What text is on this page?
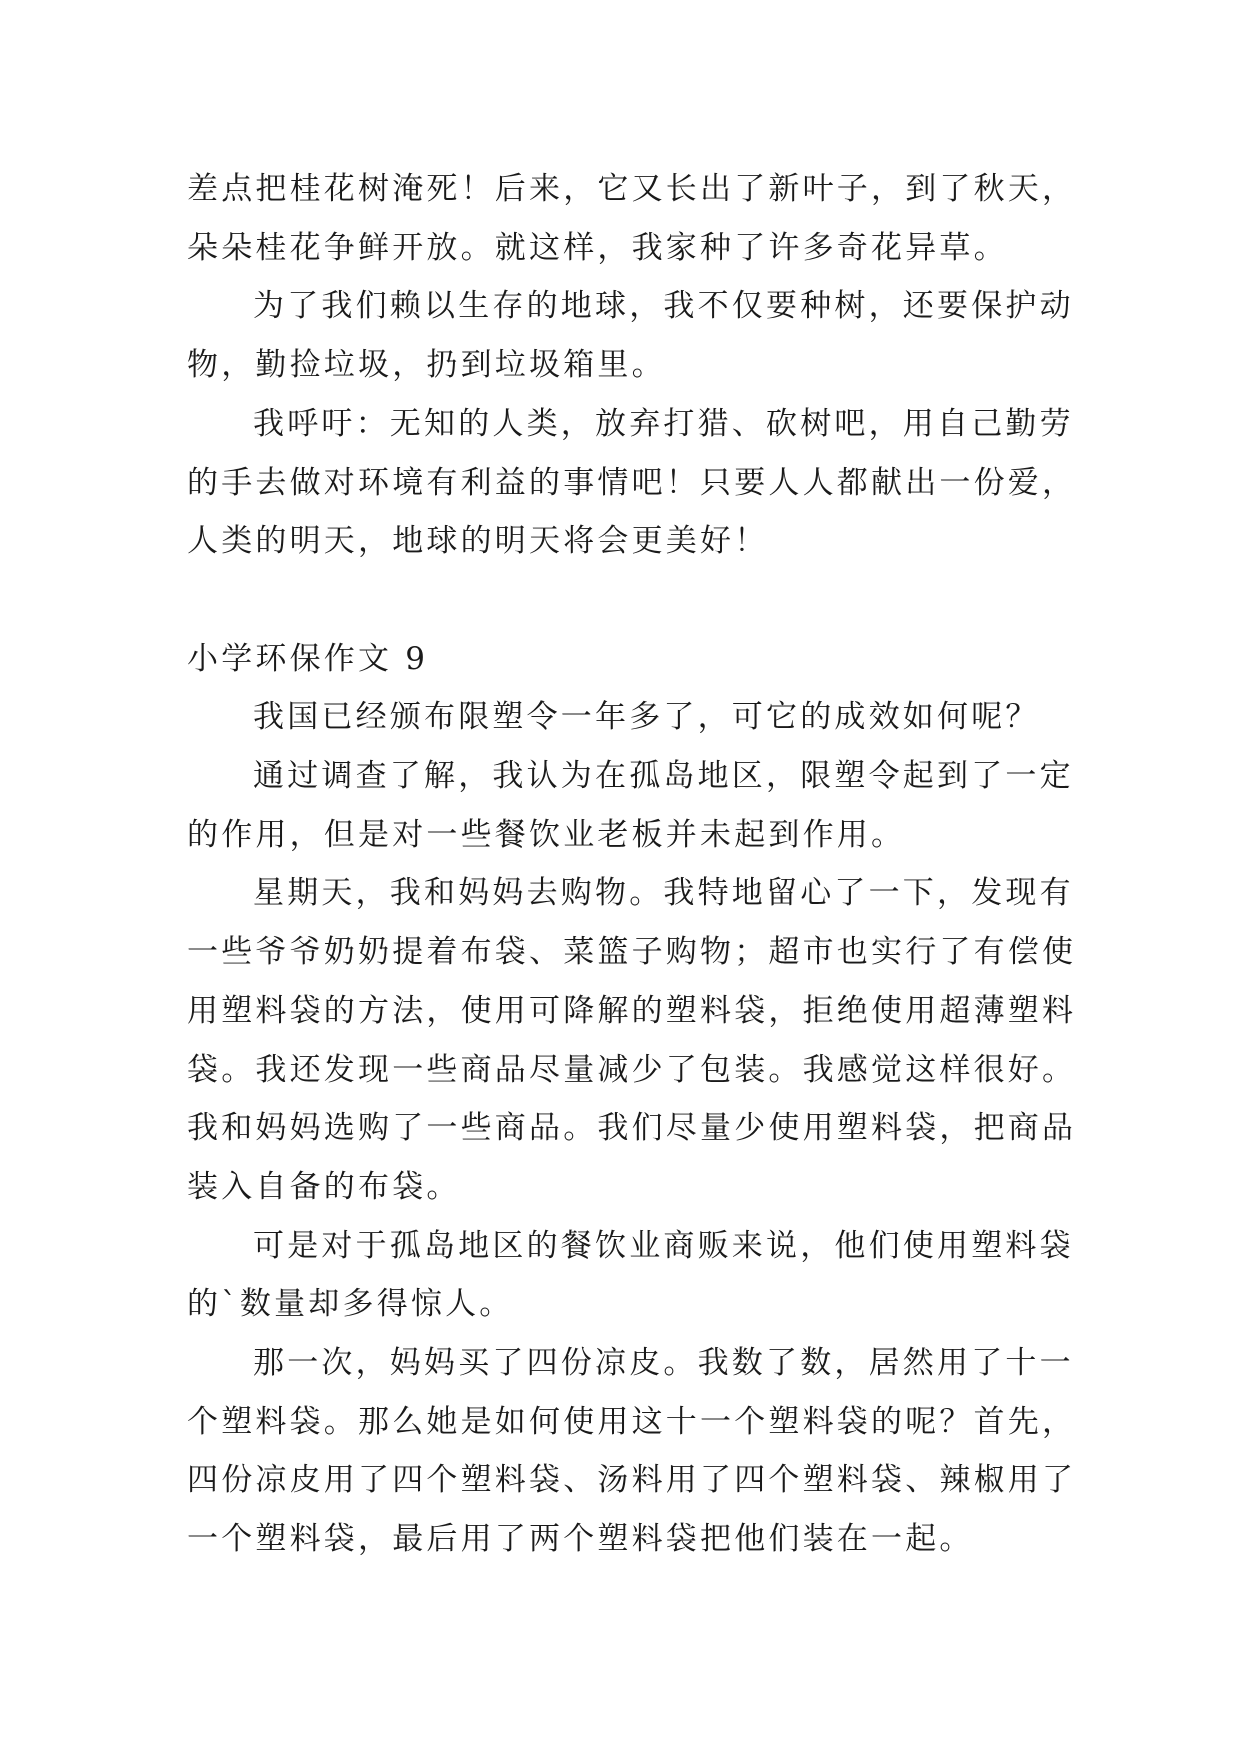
差点把桂花树淹死！后来，它又长出了新叶子，到了秋天，
朵朵桂花争鲜开放。就这样，我家种了许多奇花异草。
为了我们赖以生存的地球，我不仅要种树，还要保护动
物，勤捡垃圾，扔到垃圾箱里。
我呼吁：无知的人类，放弃打猎、砍树吧，用自己勤劳
的手去做对环境有利益的事情吧！只要人人都献出一份爱，
人类的明天，地球的明天将会更美好！
小学环保作文 9
我国已经颁布限塑令一年多了，可它的成效如何呢？
通过调查了解，我认为在孤岛地区，限塑令起到了一定
的作用，但是对一些餐饮业老板并未起到作用。
星期天，我和妈妈去购物。我特地留心了一下，发现有
一些爷爷奶奶提着布袋、菜篮子购物；超市也实行了有偿使
用塑料袋的方法，使用可降解的塑料袋，拒绝使用超薄塑料
袋。我还发现一些商品尽量减少了包装。我感觉这样很好。
我和妈妈选购了一些商品。我们尽量少使用塑料袋，把商品
装入自备的布袋。
可是对于孤岛地区的餐饮业商贩来说，他们使用塑料袋
的`数量却多得惊人。
那一次，妈妈买了四份凉皮。我数了数，居然用了十一
个塑料袋。那么她是如何使用这十一个塑料袋的呢？首先，
四份凉皮用了四个塑料袋、汤料用了四个塑料袋、辣椒用了
一个塑料袋，最后用了两个塑料袋把他们装在一起。
